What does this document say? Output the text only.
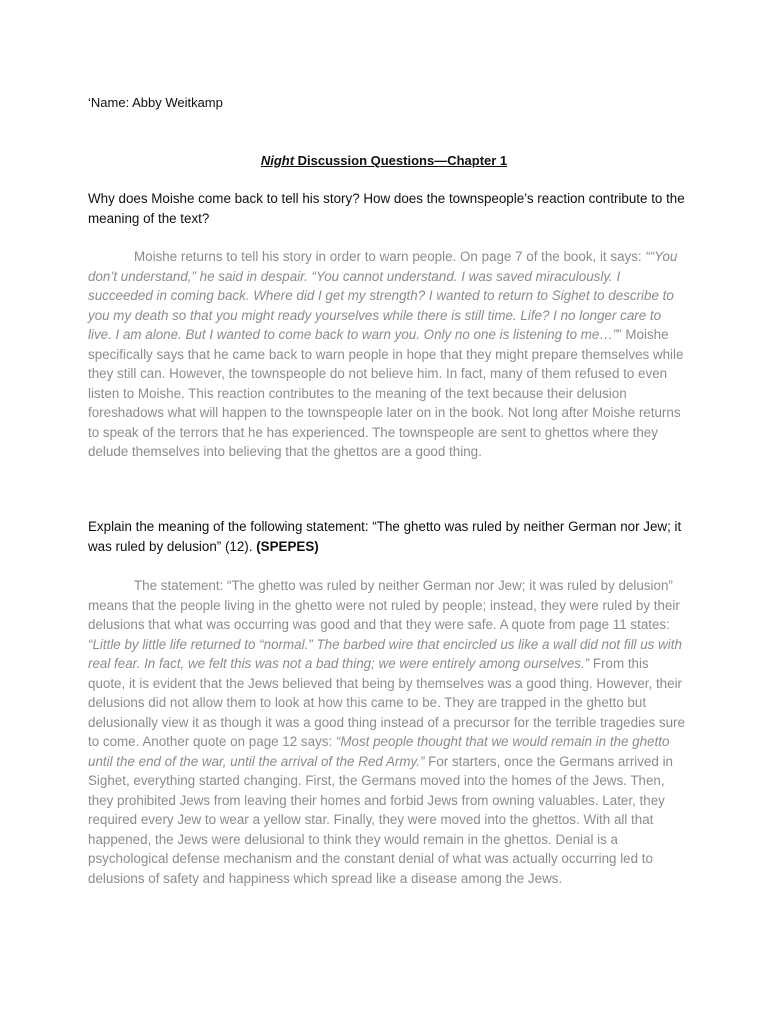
‘Name: Abby Weitkamp
Night Discussion Questions—Chapter 1
Why does Moishe come back to tell his story? How does the townspeople’s reaction contribute to the meaning of the text?
Moishe returns to tell his story in order to warn people. On page 7 of the book, it says: ““You don’t understand,” he said in despair. “You cannot understand. I was saved miraculously. I succeeded in coming back. Where did I get my strength? I wanted to return to Sighet to describe to you my death so that you might ready yourselves while there is still time. Life? I no longer care to live. I am alone. But I wanted to come back to warn you. Only no one is listening to me…”” Moishe specifically says that he came back to warn people in hope that they might prepare themselves while they still can. However, the townspeople do not believe him. In fact, many of them refused to even listen to Moishe. This reaction contributes to the meaning of the text because their delusion foreshadows what will happen to the townspeople later on in the book. Not long after Moishe returns to speak of the terrors that he has experienced. The townspeople are sent to ghettos where they delude themselves into believing that the ghettos are a good thing.
Explain the meaning of the following statement: “The ghetto was ruled by neither German nor Jew; it was ruled by delusion” (12). (SPEPES)
The statement: “The ghetto was ruled by neither German nor Jew; it was ruled by delusion” means that the people living in the ghetto were not ruled by people; instead, they were ruled by their delusions that what was occurring was good and that they were safe. A quote from page 11 states: “Little by little life returned to “normal.” The barbed wire that encircled us like a wall did not fill us with real fear. In fact, we felt this was not a bad thing; we were entirely among ourselves.” From this quote, it is evident that the Jews believed that being by themselves was a good thing. However, their delusions did not allow them to look at how this came to be. They are trapped in the ghetto but delusionally view it as though it was a good thing instead of a precursor for the terrible tragedies sure to come. Another quote on page 12 says: “Most people thought that we would remain in the ghetto until the end of the war, until the arrival of the Red Army.” For starters, once the Germans arrived in Sighet, everything started changing. First, the Germans moved into the homes of the Jews. Then, they prohibited Jews from leaving their homes and forbid Jews from owning valuables. Later, they required every Jew to wear a yellow star. Finally, they were moved into the ghettos. With all that happened, the Jews were delusional to think they would remain in the ghettos. Denial is a psychological defense mechanism and the constant denial of what was actually occurring led to delusions of safety and happiness which spread like a disease among the Jews.
